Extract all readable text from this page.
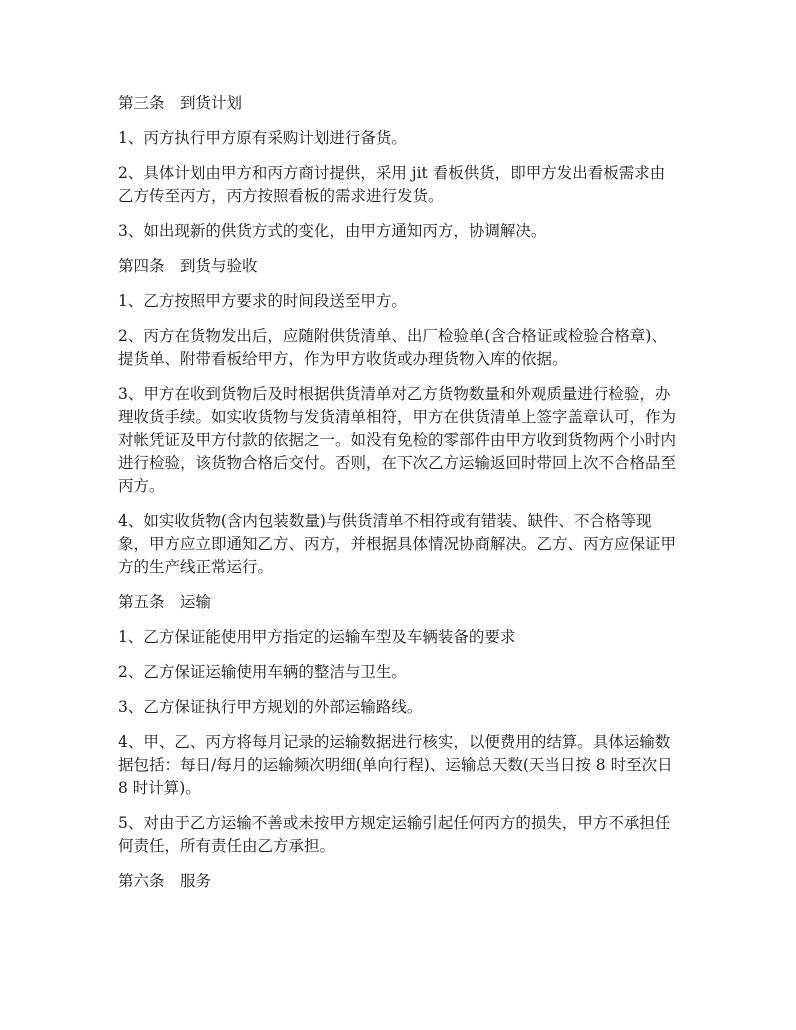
第三条　到货计划

1、丙方执行甲方原有采购计划进行备货。

2、具体计划由甲方和丙方商讨提供，采用 jit 看板供货，即甲方发出看板需求由
乙方传至丙方，丙方按照看板的需求进行发货。

3、如出现新的供货方式的变化，由甲方通知丙方，协调解决。

第四条　到货与验收

1、乙方按照甲方要求的时间段送至甲方。

2、丙方在货物发出后，应随附供货清单、出厂检验单(含合格证或检验合格章)、
提货单、附带看板给甲方，作为甲方收货或办理货物入库的依据。

3、甲方在收到货物后及时根据供货清单对乙方货物数量和外观质量进行检验，办
理收货手续。如实收货物与发货清单相符，甲方在供货清单上签字盖章认可，作为
对帐凭证及甲方付款的依据之一。如没有免检的零部件由甲方收到货物两个小时内
进行检验，该货物合格后交付。否则，在下次乙方运输返回时带回上次不合格品至
丙方。

4、如实收货物(含内包装数量)与供货清单不相符或有错装、缺件、不合格等现
象，甲方应立即通知乙方、丙方，并根据具体情况协商解决。乙方、丙方应保证甲
方的生产线正常运行。

第五条　运输

1、乙方保证能使用甲方指定的运输车型及车辆装备的要求

2、乙方保证运输使用车辆的整洁与卫生。

3、乙方保证执行甲方规划的外部运输路线。

4、甲、乙、丙方将每月记录的运输数据进行核实，以便费用的结算。具体运输数
据包括：每日/每月的运输频次明细(单向行程)、运输总天数(天当日按 8 时至次日
8 时计算)。

5、对由于乙方运输不善或未按甲方规定运输引起任何丙方的损失，甲方不承担任
何责任，所有责任由乙方承担。

第六条　服务
